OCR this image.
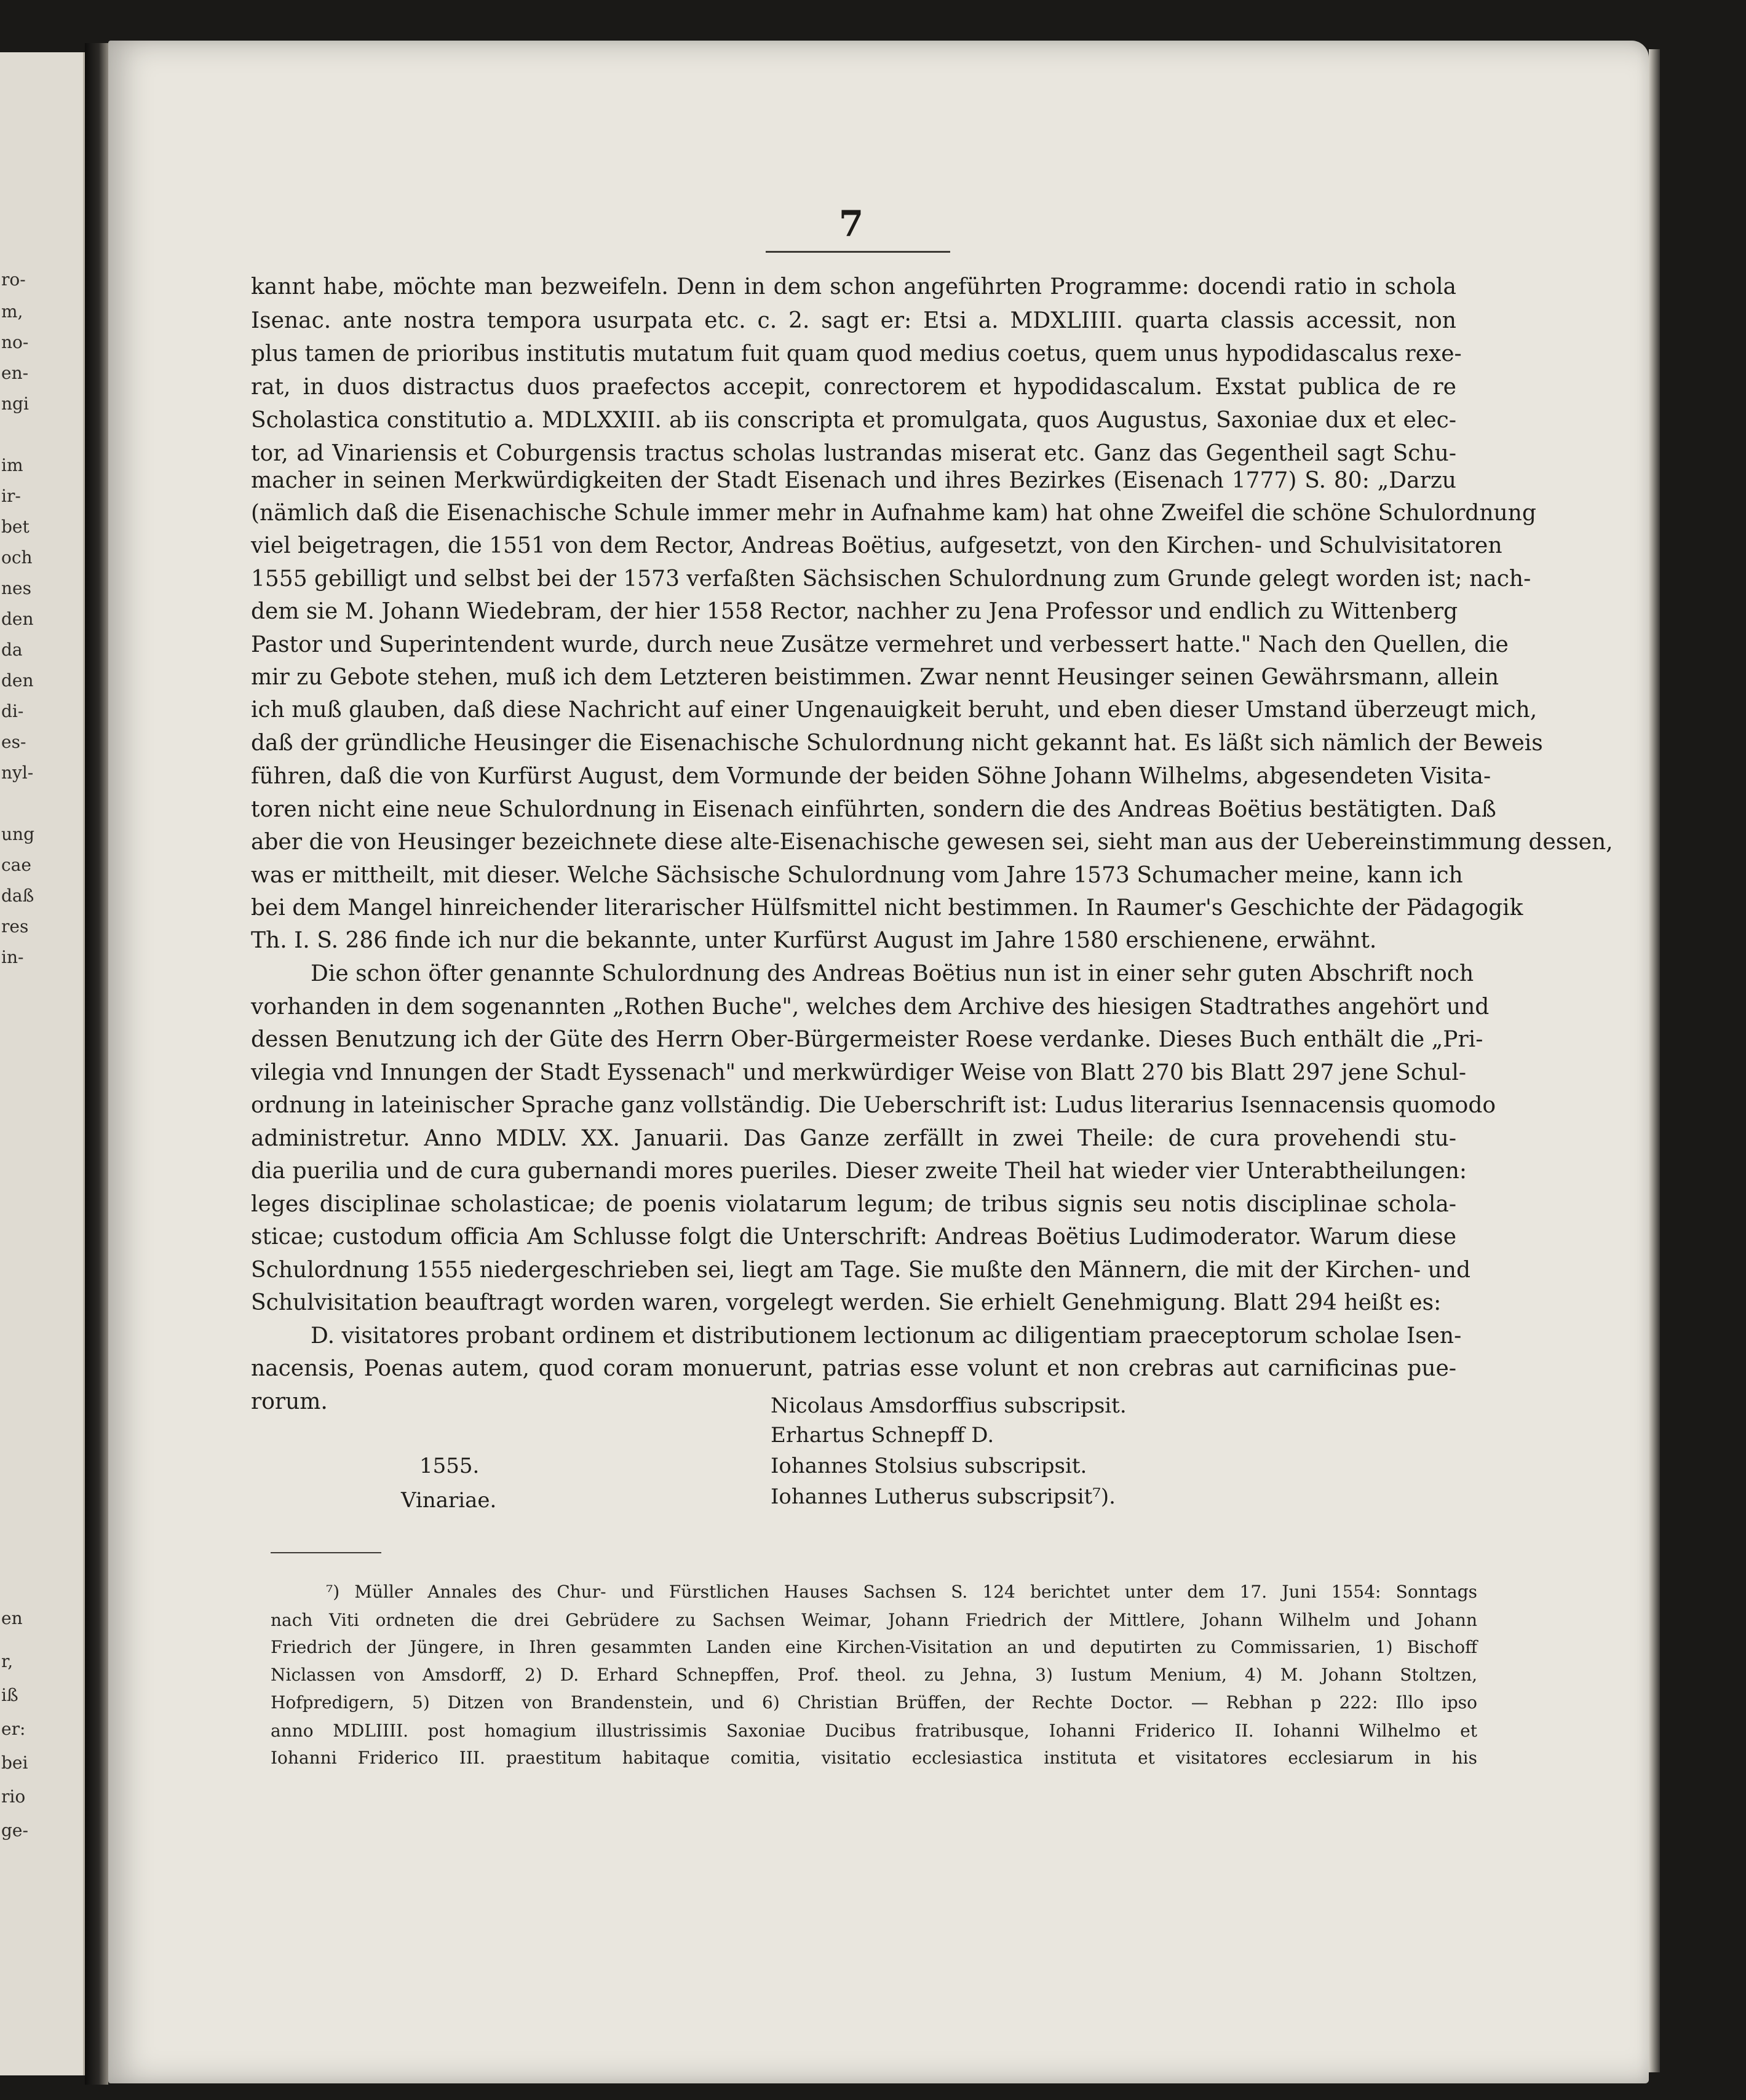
ro-
m,
no-
en-
ngi
im
ir-
bet
och
nes
den
da
den
di-
es-
nyl-
ung
cae
daß
res
in-
en
r,
iß
er:
bei
rio
ge-
7
kannt habe, möchte man bezweifeln. Denn in dem schon angeführten Programme: docendi ratio in schola
Isenac. ante nostra tempora usurpata etc. c. 2. sagt er: Etsi a. MDXLIIII. quarta classis accessit, non
plus tamen de prioribus institutis mutatum fuit quam quod medius coetus, quem unus hypodidascalus rexe-
rat, in duos distractus duos praefectos accepit, conrectorem et hypodidascalum. Exstat publica de re
Scholastica constitutio a. MDLXXIII. ab iis conscripta et promulgata, quos Augustus, Saxoniae dux et elec-
tor, ad Vinariensis et Coburgensis tractus scholas lustrandas miserat etc. Ganz das Gegentheil sagt Schu-
macher in seinen Merkwürdigkeiten der Stadt Eisenach und ihres Bezirkes (Eisenach 1777) S. 80: „Darzu
(nämlich daß die Eisenachische Schule immer mehr in Aufnahme kam) hat ohne Zweifel die schöne Schulordnung
viel beigetragen, die 1551 von dem Rector, Andreas Boëtius, aufgesetzt, von den Kirchen- und Schulvisitatoren
1555 gebilligt und selbst bei der 1573 verfaßten Sächsischen Schulordnung zum Grunde gelegt worden ist; nach-
dem sie M. Johann Wiedebram, der hier 1558 Rector, nachher zu Jena Professor und endlich zu Wittenberg
Pastor und Superintendent wurde, durch neue Zusätze vermehret und verbessert hatte." Nach den Quellen, die
mir zu Gebote stehen, muß ich dem Letzteren beistimmen. Zwar nennt Heusinger seinen Gewährsmann, allein
ich muß glauben, daß diese Nachricht auf einer Ungenauigkeit beruht, und eben dieser Umstand überzeugt mich,
daß der gründliche Heusinger die Eisenachische Schulordnung nicht gekannt hat. Es läßt sich nämlich der Beweis
führen, daß die von Kurfürst August, dem Vormunde der beiden Söhne Johann Wilhelms, abgesendeten Visita-
toren nicht eine neue Schulordnung in Eisenach einführten, sondern die des Andreas Boëtius bestätigten. Daß
aber die von Heusinger bezeichnete diese alte-Eisenachische gewesen sei, sieht man aus der Uebereinstimmung dessen,
was er mittheilt, mit dieser. Welche Sächsische Schulordnung vom Jahre 1573 Schumacher meine, kann ich
bei dem Mangel hinreichender literarischer Hülfsmittel nicht bestimmen. In Raumer's Geschichte der Pädagogik
Th. I. S. 286 finde ich nur die bekannte, unter Kurfürst August im Jahre 1580 erschienene, erwähnt.
Die schon öfter genannte Schulordnung des Andreas Boëtius nun ist in einer sehr guten Abschrift noch
vorhanden in dem sogenannten „Rothen Buche", welches dem Archive des hiesigen Stadtrathes angehört und
dessen Benutzung ich der Güte des Herrn Ober-Bürgermeister Roese verdanke. Dieses Buch enthält die „Pri-
vilegia vnd Innungen der Stadt Eyssenach" und merkwürdiger Weise von Blatt 270 bis Blatt 297 jene Schul-
ordnung in lateinischer Sprache ganz vollständig. Die Ueberschrift ist: Ludus literarius Isennacensis quomodo
administretur. Anno MDLV. XX. Januarii. Das Ganze zerfällt in zwei Theile: de cura provehendi stu-
dia puerilia und de cura gubernandi mores pueriles. Dieser zweite Theil hat wieder vier Unterabtheilungen:
leges disciplinae scholasticae; de poenis violatarum legum; de tribus signis seu notis disciplinae schola-
sticae; custodum officia Am Schlusse folgt die Unterschrift: Andreas Boëtius Ludimoderator. Warum diese
Schulordnung 1555 niedergeschrieben sei, liegt am Tage. Sie mußte den Männern, die mit der Kirchen- und
Schulvisitation beauftragt worden waren, vorgelegt werden. Sie erhielt Genehmigung. Blatt 294 heißt es:
D. visitatores probant ordinem et distributionem lectionum ac diligentiam praeceptorum scholae Isen-
nacensis, Poenas autem, quod coram monuerunt, patrias esse volunt et non crebras aut carnificinas pue-
rorum.	Nicolaus Amsdorffius subscripsit.
Erhartus Schnepff D.
Iohannes Stolsius subscripsit.
Iohannes Lutherus subscripsit⁷).
1555.
Vinariae.
⁷) Müller Annales des Chur- und Fürstlichen Hauses Sachsen S. 124 berichtet unter dem 17. Juni 1554: Sonntags
nach Viti ordneten die drei Gebrüdere zu Sachsen Weimar, Johann Friedrich der Mittlere, Johann Wilhelm und Johann
Friedrich der Jüngere, in Ihren gesammten Landen eine Kirchen-Visitation an und deputirten zu Commissarien, 1) Bischoff
Niclassen von Amsdorff, 2) D. Erhard Schnepffen, Prof. theol. zu Jehna, 3) Iustum Menium, 4) M. Johann Stoltzen,
Hofpredigern, 5) Ditzen von Brandenstein, und 6) Christian Brüffen, der Rechte Doctor. — Rebhan p 222: Illo ipso
anno MDLIIII. post homagium illustrissimis Saxoniae Ducibus fratribusque, Iohanni Friderico II. Iohanni Wilhelmo et
Iohanni Friderico III. praestitum habitaque comitia, visitatio ecclesiastica instituta et visitatores ecclesiarum in his
